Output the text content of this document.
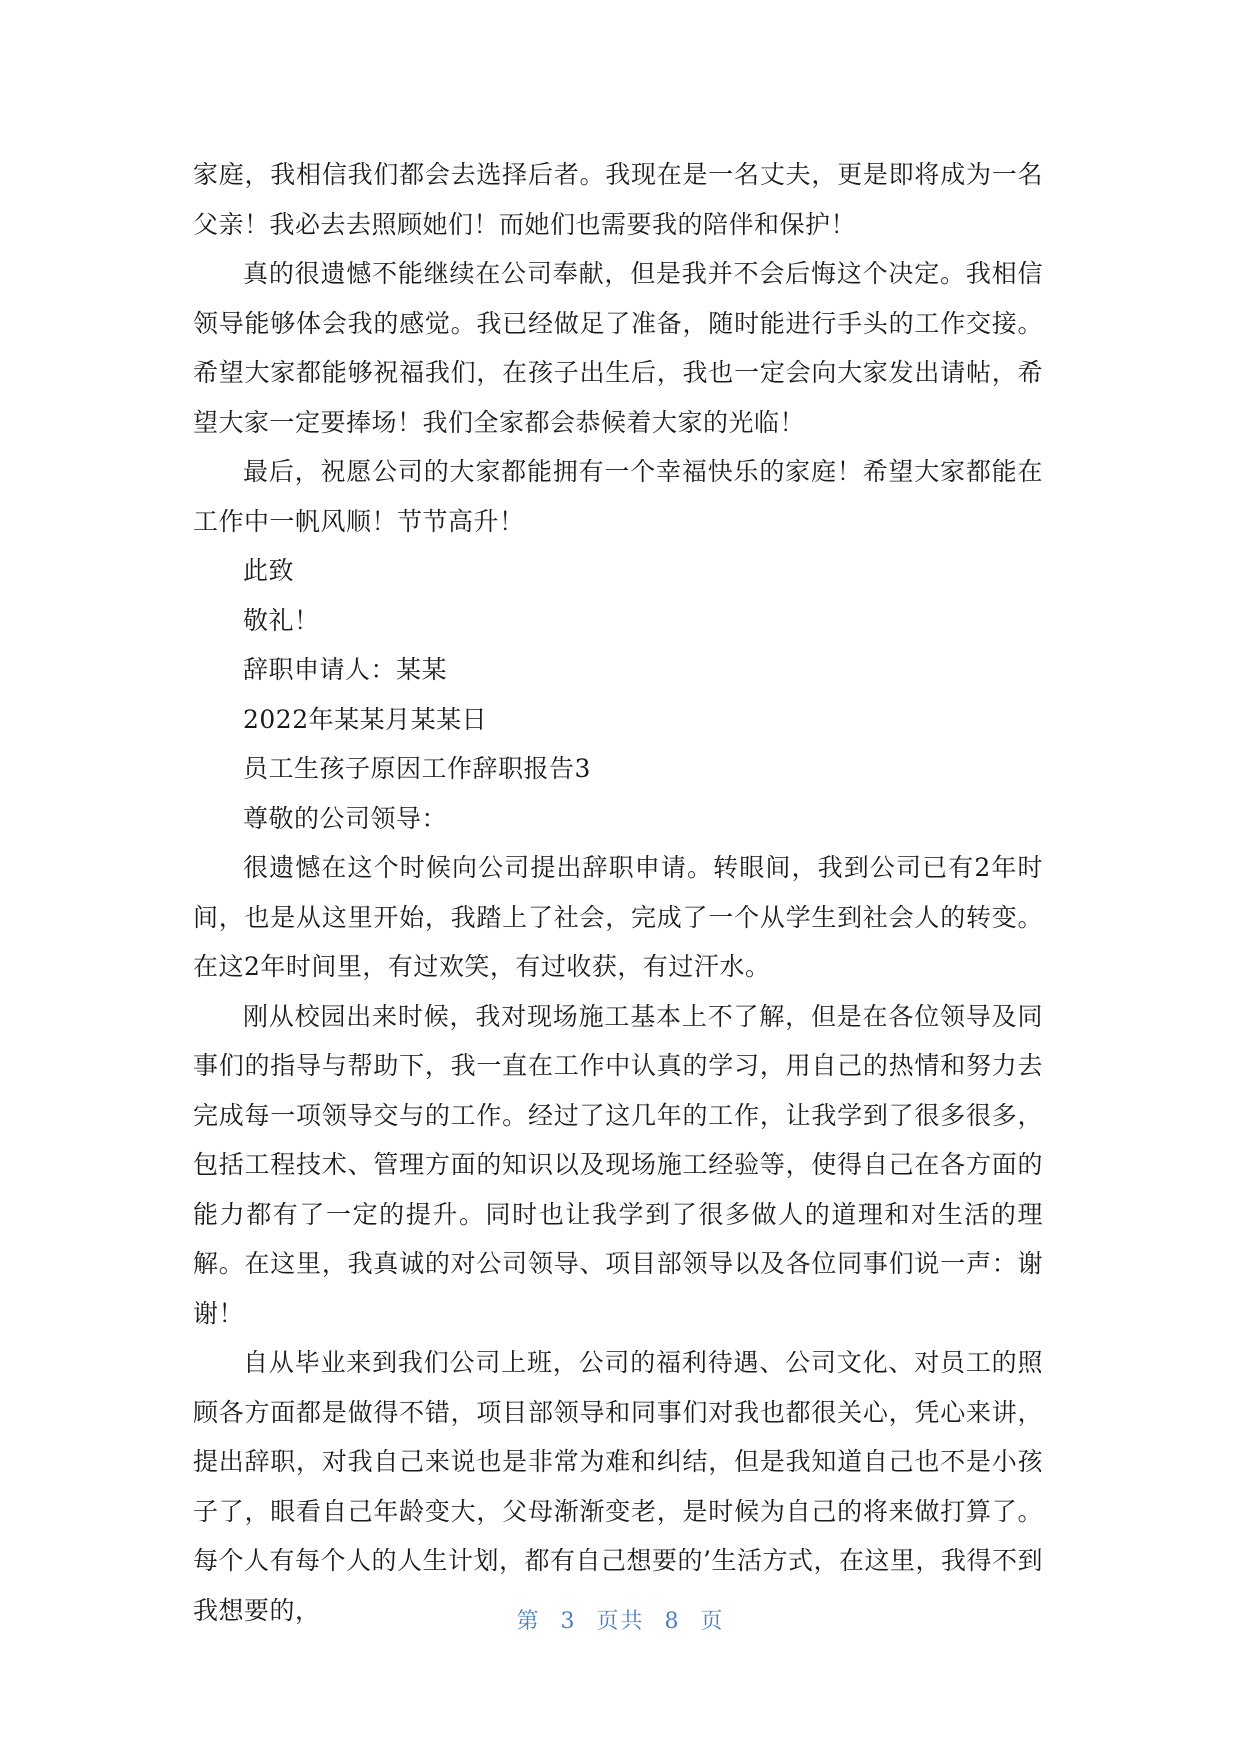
家庭，我相信我们都会去选择后者。我现在是一名丈夫，更是即将成为一名父亲！我必去去照顾她们！而她们也需要我的陪伴和保护！

真的很遗憾不能继续在公司奉献，但是我并不会后悔这个决定。我相信领导能够体会我的感觉。我已经做足了准备，随时能进行手头的工作交接。希望大家都能够祝福我们，在孩子出生后，我也一定会向大家发出请帖，希望大家一定要捧场！我们全家都会恭候着大家的光临！

最后，祝愿公司的大家都能拥有一个幸福快乐的家庭！希望大家都能在工作中一帆风顺！节节高升！

此致

敬礼！

辞职申请人：某某

2022年某某月某某日

员工生孩子原因工作辞职报告3

尊敬的公司领导：

很遗憾在这个时候向公司提出辞职申请。转眼间，我到公司已有2年时间，也是从这里开始，我踏上了社会，完成了一个从学生到社会人的转变。在这2年时间里，有过欢笑，有过收获，有过汗水。

刚从校园出来时候，我对现场施工基本上不了解，但是在各位领导及同事们的指导与帮助下，我一直在工作中认真的学习，用自己的热情和努力去完成每一项领导交与的工作。经过了这几年的工作，让我学到了很多很多，包括工程技术、管理方面的知识以及现场施工经验等，使得自己在各方面的能力都有了一定的提升。同时也让我学到了很多做人的道理和对生活的理解。在这里，我真诚的对公司领导、项目部领导以及各位同事们说一声：谢谢！

自从毕业来到我们公司上班，公司的福利待遇、公司文化、对员工的照顾各方面都是做得不错，项目部领导和同事们对我也都很关心，凭心来讲，提出辞职，对我自己来说也是非常为难和纠结，但是我知道自己也不是小孩子了，眼看自己年龄变大，父母渐渐变老，是时候为自己的将来做打算了。每个人有每个人的人生计划，都有自己想要的’生活方式，在这里，我得不到我想要的，	第 3 页共 8 页
